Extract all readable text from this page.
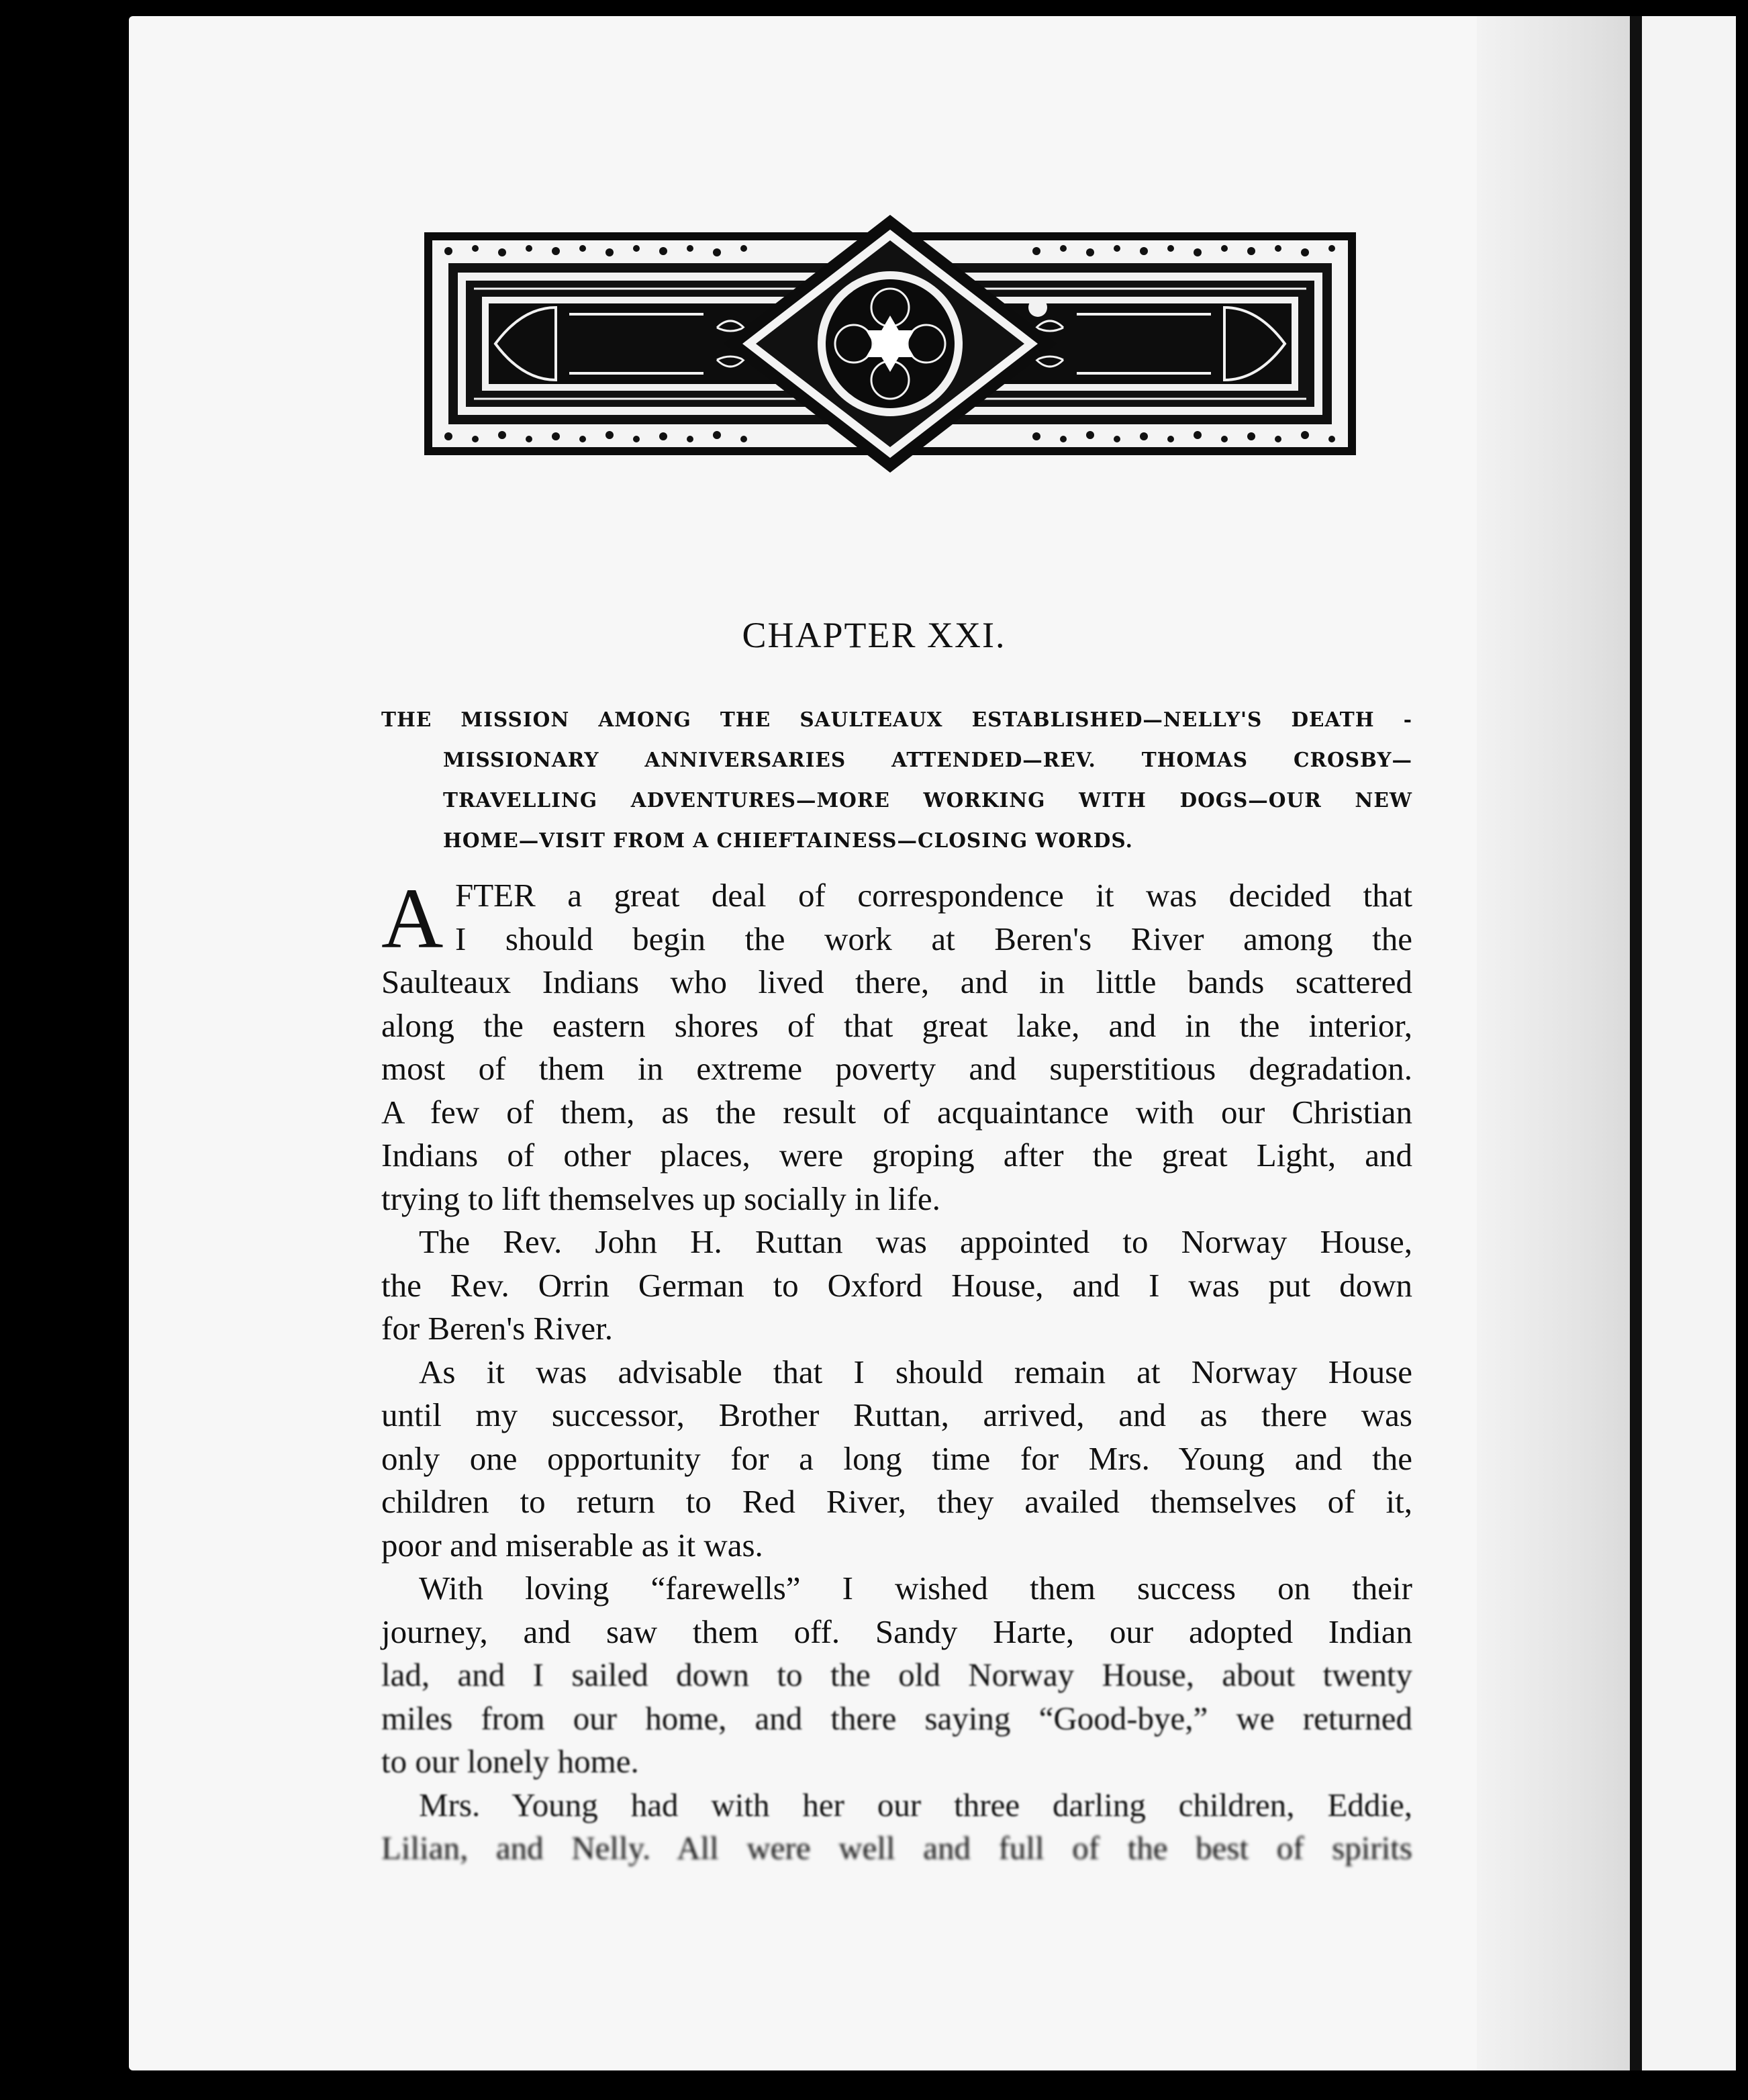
CHAPTER XXI.
THE MISSION AMONG THE SAULTEAUX ESTABLISHED—NELLY'S DEATH -
MISSIONARY ANNIVERSARIES ATTENDED—REV. THOMAS CROSBY—
TRAVELLING ADVENTURES—MORE WORKING WITH DOGS—OUR NEW
HOME—VISIT FROM A CHIEFTAINESS—CLOSING WORDS.
A FTER a great deal of correspondence it was decided that
I should begin the work at Beren's River among the
Saulteaux Indians who lived there, and in little bands scattered
along the eastern shores of that great lake, and in the interior,
most of them in extreme poverty and superstitious degradation.
A few of them, as the result of acquaintance with our Christian
Indians of other places, were groping after the great Light, and
trying to lift themselves up socially in life.
The Rev. John H. Ruttan was appointed to Norway House,
the Rev. Orrin German to Oxford House, and I was put down
for Beren's River.
As it was advisable that I should remain at Norway House
until my successor, Brother Ruttan, arrived, and as there was
only one opportunity for a long time for Mrs. Young and the
children to return to Red River, they availed themselves of it,
poor and miserable as it was.
With loving “farewells” I wished them success on their
journey, and saw them off. Sandy Harte, our adopted Indian
lad, and I sailed down to the old Norway House, about twenty
miles from our home, and there saying “Good-bye,” we returned
to our lonely home.
Mrs. Young had with her our three darling children, Eddie,
Lilian, and Nelly. All were well and full of the best of spirits
